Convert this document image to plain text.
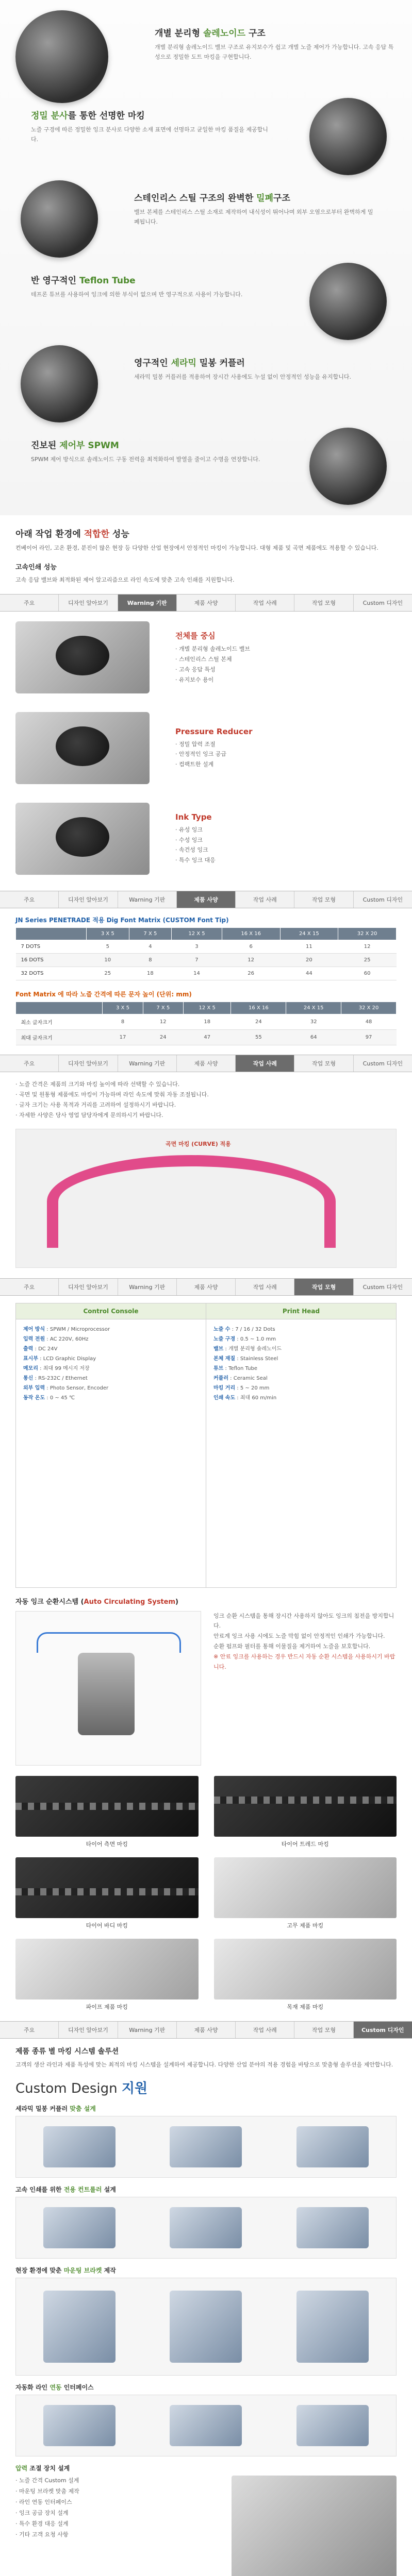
개별 분리형 솔레노이드 구조
개별 분리형 솔레노이드 밸브 구조로 유지보수가 쉽고 개별 노즐 제어가 가능합니다. 고속 응답 특성으로 정밀한 도트 마킹을 구현합니다.
정밀 분사를 통한 선명한 마킹
노즐 구경에 따른 정밀한 잉크 분사로 다양한 소재 표면에 선명하고 균일한 마킹 품질을 제공합니다.
스테인리스 스틸 구조의 완벽한 밀폐구조
밸브 본체를 스테인리스 스틸 소재로 제작하여 내식성이 뛰어나며 외부 오염으로부터 완벽하게 밀폐됩니다.
반 영구적인 Teflon Tube
테프론 튜브를 사용하여 잉크에 의한 부식이 없으며 반 영구적으로 사용이 가능합니다.
영구적인 세라믹 밀봉 커플러
세라믹 밀봉 커플러를 적용하여 장시간 사용에도 누설 없이 안정적인 성능을 유지합니다.
진보된 제어부 SPWM
SPWM 제어 방식으로 솔레노이드 구동 전력을 최적화하여 발열을 줄이고 수명을 연장합니다.
아래 작업 환경에 적합한 성능
컨베이어 라인, 고온 환경, 분진이 많은 현장 등 다양한 산업 현장에서 안정적인 마킹이 가능합니다. 대형 제품 및 곡면 제품에도 적용할 수 있습니다.
고속인쇄 성능
고속 응답 밸브와 최적화된 제어 알고리즘으로 라인 속도에 맞춘 고속 인쇄를 지원합니다.
주요	디자인 알아보기	Warning 기판	제품 사양	작업 사례	작업 모형	Custom 디자인
전체를 중심
· 개별 분리형 솔레노이드 밸브
· 스테인리스 스틸 본체
· 고속 응답 특성
· 유지보수 용이
Pressure Reducer
· 정밀 압력 조절
· 안정적인 잉크 공급
· 컴팩트한 설계
Ink Type
· 유성 잉크
· 수성 잉크
· 속건성 잉크
· 특수 잉크 대응
주요	디자인 알아보기	Warning 기판	제품 사양	작업 사례	작업 모형	Custom 디자인
JN Series PENETRADE 적용 Dig Font Matrix (CUSTOM Font Tip)
	3 X 5	7 X 5	12 X 5	16 X 16	24 X 15	32 X 20
7 DOTS	5	4	3	6	11	12
16 DOTS	10	8	7	12	20	25
32 DOTS	25	18	14	26	44	60
Font Matrix 에 따라 노즐 간격에 따른 문자 높이 (단위: mm)
	3 X 5	7 X 5	12 X 5	16 X 16	24 X 15	32 X 20
최소 글자크기	8	12	18	24	32	48
최대 글자크기	17	24	47	55	64	97
주요	디자인 알아보기	Warning 기판	제품 사양	작업 사례	작업 모형	Custom 디자인
· 노즐 간격은 제품의 크기와 마킹 높이에 따라 선택할 수 있습니다.
· 곡면 및 원통형 제품에도 마킹이 가능하며 라인 속도에 맞춰 자동 조절됩니다.
· 글자 크기는 사용 목적과 거리를 고려하여 설정하시기 바랍니다.
· 자세한 사양은 당사 영업 담당자에게 문의하시기 바랍니다.
곡면 마킹 (CURVE) 적용
주요	디자인 알아보기	Warning 기판	제품 사양	작업 사례	작업 모형	Custom 디자인
Control Console
제어 방식 : SPWM / Microprocessor
입력 전원 : AC 220V, 60Hz
출력 : DC 24V
표시부 : LCD Graphic Display
메모리 : 최대 99 메시지 저장
통신 : RS-232C / Ethernet
외부 입력 : Photo Sensor, Encoder
동작 온도 : 0 ~ 45 ℃
Print Head
노즐 수 : 7 / 16 / 32 Dots
노즐 구경 : 0.5 ~ 1.0 mm
밸브 : 개별 분리형 솔레노이드
본체 재질 : Stainless Steel
튜브 : Teflon Tube
커플러 : Ceramic Seal
마킹 거리 : 5 ~ 20 mm
인쇄 속도 : 최대 60 m/min
자동 잉크 순환시스템 (Auto Circulating System)
잉크 순환 시스템을 통해 장시간 사용하지 않아도 잉크의 침전을 방지합니다.
안료계 잉크 사용 시에도 노즐 막힘 없이 안정적인 인쇄가 가능합니다.
순환 펌프와 필터를 통해 이물질을 제거하여 노즐을 보호합니다.
※ 안료 잉크를 사용하는 경우 반드시 자동 순환 시스템을 사용하시기 바랍니다.
타이어 측면 마킹	타이어 트레드 마킹
타이어 바디 마킹	고무 제품 마킹
파이프 제품 마킹	목재 제품 마킹
주요	디자인 알아보기	Warning 기판	제품 사양	작업 사례	작업 모형	Custom 디자인
제품 종류 별 마킹 시스템 솔루션
고객의 생산 라인과 제품 특성에 맞는 최적의 마킹 시스템을 설계하여 제공합니다. 다양한 산업 분야의 적용 경험을 바탕으로 맞춤형 솔루션을 제안합니다.
Custom Design 지원
세라믹 밀봉 커플러 맞춤 설계
고속 인쇄를 위한 전용 컨트롤러 설계
현장 환경에 맞춘 마운팅 브라켓 제작
자동화 라인 연동 인터페이스
압력 조절 장치 설계
· 노즐 간격 Custom 설계
· 마운팅 브라켓 맞춤 제작
· 라인 연동 인터페이스
· 잉크 공급 장치 설계
· 특수 환경 대응 설계
· 기타 고객 요청 사항
